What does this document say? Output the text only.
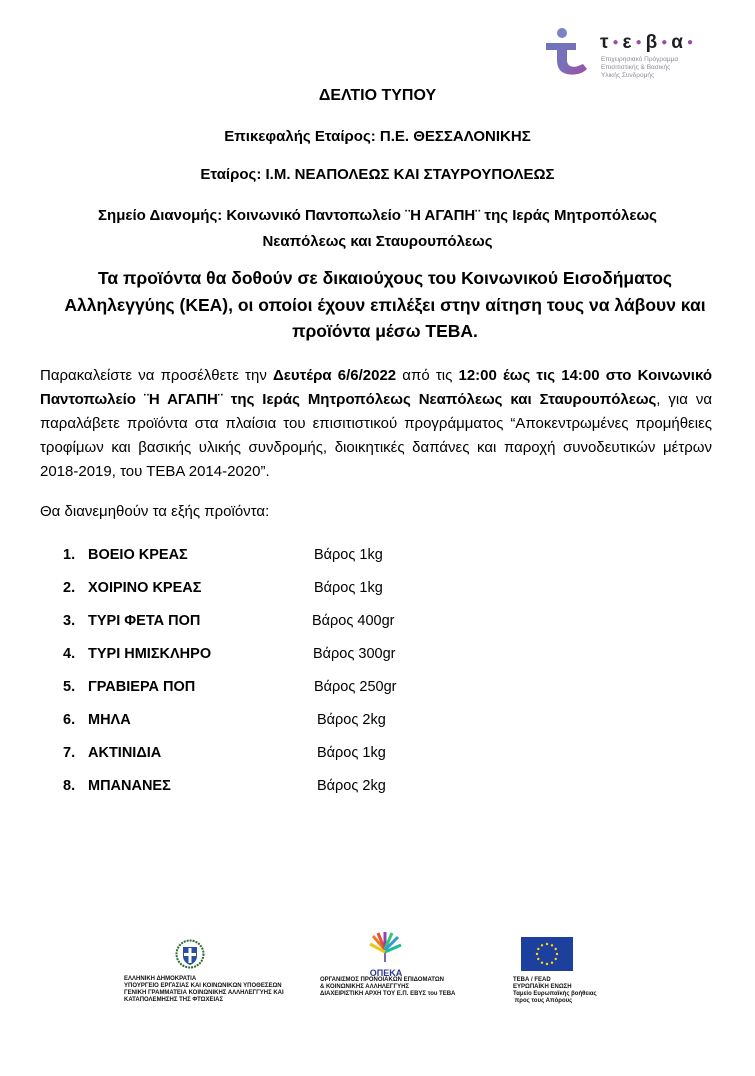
τ ● ε ● β ● α ●
Επιχειρησιακό Πρόγραμμα
Επισιτιστικής & Βασικής
Υλικής Συνδρομής
ΔΕΛΤΙΟ ΤΥΠΟΥ
Επικεφαλής Εταίρος: Π.Ε. ΘΕΣΣΑΛΟΝΙΚΗΣ
Εταίρος: Ι.Μ. ΝΕΑΠΟΛΕΩΣ ΚΑΙ ΣΤΑΥΡΟΥΠΟΛΕΩΣ
Σημείο Διανομής: Κοινωνικό Παντοπωλείο ¨Η ΑΓΑΠΗ¨ της Ιεράς Μητροπόλεως
Νεαπόλεως και Σταυρουπόλεως
Τα προϊόντα θα δοθούν σε δικαιούχους του Κοινωνικού Εισοδήματος
Αλληλεγγύης (ΚΕΑ), οι οποίοι έχουν επιλέξει στην αίτηση τους να λάβουν και
προϊόντα μέσω ΤΕΒΑ.
Παρακαλείστε να προσέλθετε την Δευτέρα 6/6/2022 από τις 12:00 έως τις 14:00 στο Κοινωνικό Παντοπωλείο ¨Η ΑΓΑΠΗ¨ της Ιεράς Μητροπόλεως Νεαπόλεως και Σταυρουπόλεως, για να παραλάβετε προϊόντα στα πλαίσια του επισιτιστικού προγράμματος “Αποκεντρωμένες προμήθειες τροφίμων και βασικής υλικής συνδρομής, διοικητικές δαπάνες και παροχή συνοδευτικών μέτρων 2018-2019, του ΤΕΒΑ 2014-2020”.
Θα διανεμηθούν τα εξής προϊόντα:
1. ΒΟΕΙΟ ΚΡΕΑΣ	Βάρος 1kg
2. ΧΟΙΡΙΝΟ ΚΡΕΑΣ	Βάρος 1kg
3. ΤΥΡΙ ΦΕΤΑ ΠΟΠ	Βάρος 400gr
4. ΤΥΡΙ ΗΜΙΣΚΛΗΡΟ	Βάρος 300gr
5. ΓΡΑΒΙΕΡΑ ΠΟΠ	Βάρος 250gr
6. ΜΗΛΑ	Βάρος 2kg
7. ΑΚΤΙΝΙΔΙΑ	Βάρος 1kg
8. ΜΠΑΝΑΝΕΣ	Βάρος 2kg
ΕΛΛΗΝΙΚΗ ΔΗΜΟΚΡΑΤΙΑ
ΥΠΟΥΡΓΕΙΟ ΕΡΓΑΣΙΑΣ ΚΑΙ ΚΟΙΝΩΝΙΚΩΝ ΥΠΟΘΕΣΕΩΝ
ΓΕΝΙΚΗ ΓΡΑΜΜΑΤΕΙΑ ΚΟΙΝΩΝΙΚΗΣ ΑΛΛΗΛΕΓΓΥΗΣ ΚΑΙ
ΚΑΤΑΠΟΛΕΜΗΣΗΣ ΤΗΣ ΦΤΩΧΕΙΑΣ
ΟΠΕΚΑ
ΟΡΓΑΝΙΣΜΟΣ ΠΡΟΝΟΙΑΚΩΝ ΕΠΙΔΟΜΑΤΩΝ
& ΚΟΙΝΩΝΙΚΗΣ ΑΛΛΗΛΕΓΓΥΗΣ
ΔΙΑΧΕΙΡΙΣΤΙΚΗ ΑΡΧΗ ΤΟΥ Ε.Π. ΕΒΥΣ του ΤΕΒΑ
ΤΕΒΑ / FEAD
ΕΥΡΩΠΑΪΚΗ ΕΝΩΣΗ
Ταμείο Ευρωπαϊκής βοήθειας
προς τους Απόρους
